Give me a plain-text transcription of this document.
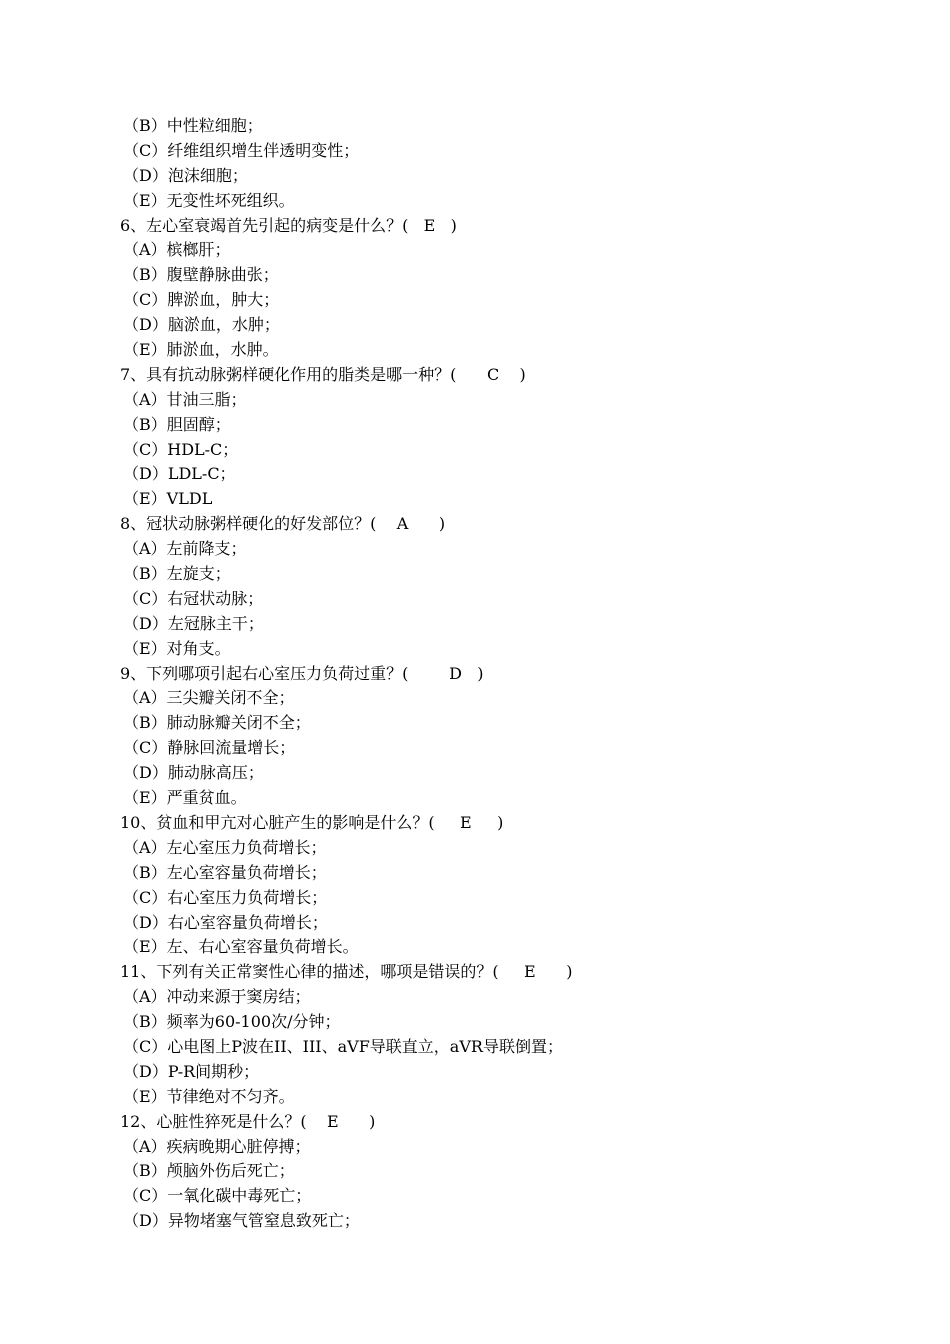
（B）中性粒细胞；
（C）纤维组织增生伴透明变性；
（D）泡沫细胞；
（E）无变性坏死组织。
6、左心室衰竭首先引起的病变是什么？(   E   )
（A）槟榔肝；
（B）腹壁静脉曲张；
（C）脾淤血，肿大；
（D）脑淤血，水肿；
（E）肺淤血，水肿。
7、具有抗动脉粥样硬化作用的脂类是哪一种？(      C    )
（A）甘油三脂；
（B）胆固醇；
（C）HDL-C；
（D）LDL-C；
（E）VLDL
8、冠状动脉粥样硬化的好发部位？(    A      )
（A）左前降支；
（B）左旋支；
（C）右冠状动脉；
（D）左冠脉主干；
（E）对角支。
9、下列哪项引起右心室压力负荷过重？(        D   )
（A）三尖瓣关闭不全；
（B）肺动脉瓣关闭不全；
（C）静脉回流量增长；
（D）肺动脉高压；
（E）严重贫血。
10、贫血和甲亢对心脏产生的影响是什么？(     E     )
（A）左心室压力负荷增长；
（B）左心室容量负荷增长；
（C）右心室压力负荷增长；
（D）右心室容量负荷增长；
（E）左、右心室容量负荷增长。
11、下列有关正常窦性心律的描述，哪项是错误的？(     E      )
（A）冲动来源于窦房结；
（B）频率为60-100次/分钟；
（C）心电图上P波在II、III、aVF导联直立，aVR导联倒置；
（D）P-R间期秒；
（E）节律绝对不匀齐。
12、心脏性猝死是什么？(    E      )
（A）疾病晚期心脏停搏；
（B）颅脑外伤后死亡；
（C）一氧化碳中毒死亡；
（D）异物堵塞气管窒息致死亡；
